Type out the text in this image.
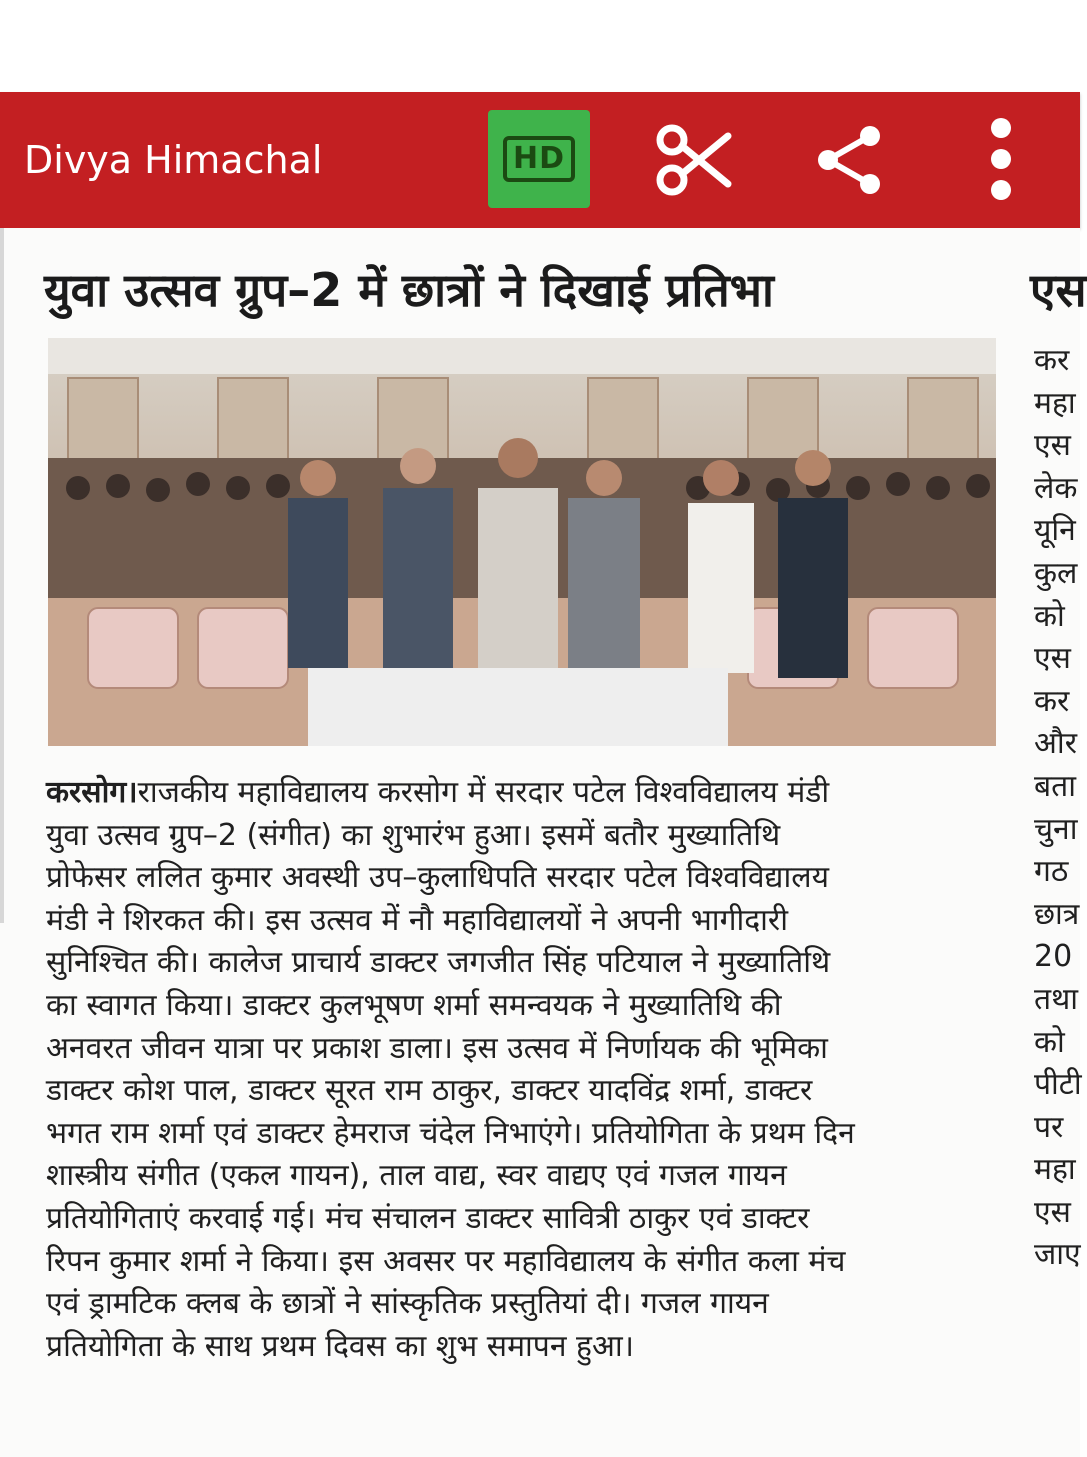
Divya Himachal	HD
युवा उत्सव ग्रुप–2 में छात्रों ने दिखाई प्रतिभा
करसोग।राजकीय महाविद्यालय करसोग में सरदार पटेल विश्वविद्यालय मंडी
युवा उत्सव ग्रुप–2 (संगीत) का शुभारंभ हुआ। इसमें बतौर मुख्यातिथि
प्रोफेसर ललित कुमार अवस्थी उप–कुलाधिपति सरदार पटेल विश्वविद्यालय
मंडी ने शिरकत की। इस उत्सव में नौ महाविद्यालयों ने अपनी भागीदारी
सुनिश्चित की। कालेज प्राचार्य डाक्टर जगजीत सिंह पटियाल ने मुख्यातिथि
का स्वागत किया। डाक्टर कुलभूषण शर्मा समन्वयक ने मुख्यातिथि की
अनवरत जीवन यात्रा पर प्रकाश डाला। इस उत्सव में निर्णायक की भूमिका
डाक्टर कोश पाल, डाक्टर सूरत राम ठाकुर, डाक्टर यादविंद्र शर्मा, डाक्टर
भगत राम शर्मा एवं डाक्टर हेमराज चंदेल निभाएंगे। प्रतियोगिता के प्रथम दिन
शास्त्रीय संगीत (एकल गायन), ताल वाद्य, स्वर वाद्यए एवं गजल गायन
प्रतियोगिताएं करवाई गई। मंच संचालन डाक्टर सावित्री ठाकुर एवं डाक्टर
रिपन कुमार शर्मा ने किया। इस अवसर पर महाविद्यालय के संगीत कला मंच
एवं ड्रामटिक क्लब के छात्रों ने सांस्कृतिक प्रस्तुतियां दी। गजल गायन
प्रतियोगिता के साथ प्रथम दिवस का शुभ समापन हुआ।
एस
कर
महा
एस
लेक
यूनि
कुल
को
एस
कर
और
बता
चुना
गठ
छात्र
20
तथा
को
पीटी
पर
महा
एस
जाए
